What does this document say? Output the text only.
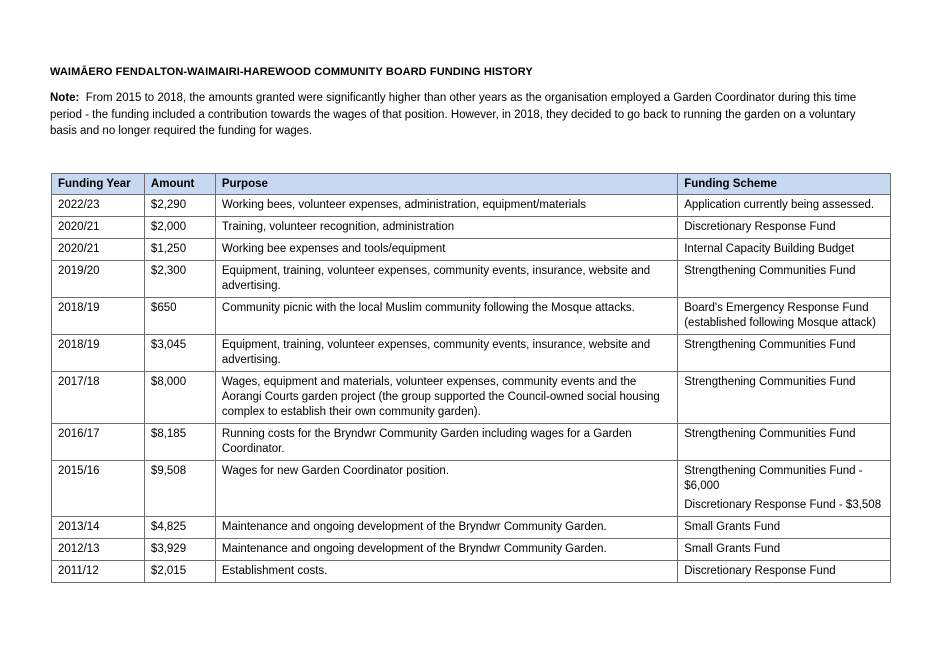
WAIMĀERO FENDALTON-WAIMAIRI-HAREWOOD COMMUNITY BOARD FUNDING HISTORY
Note: From 2015 to 2018, the amounts granted were significantly higher than other years as the organisation employed a Garden Coordinator during this time period - the funding included a contribution towards the wages of that position. However, in 2018, they decided to go back to running the garden on a voluntary basis and no longer required the funding for wages.
Funding Year	Amount	Purpose	Funding Scheme
2022/23	$2,290	Working bees, volunteer expenses, administration, equipment/materials	Application currently being assessed.

2020/21	$2,000	Training, volunteer recognition, administration	Discretionary Response Fund

2020/21	$1,250	Working bee expenses and tools/equipment	Internal Capacity Building Budget

2019/20	$2,300	Equipment, training, volunteer expenses, community events, insurance, website and advertising.	Strengthening Communities Fund

2018/19	$650	Community picnic with the local Muslim community following the Mosque attacks.	Board's Emergency Response Fund (established following Mosque attack)

2018/19	$3,045	Equipment, training, volunteer expenses, community events, insurance, website and advertising.	Strengthening Communities Fund

2017/18	$8,000	Wages, equipment and materials, volunteer expenses, community events and the Aorangi Courts garden project (the group supported the Council-owned social housing complex to establish their own community garden).	Strengthening Communities Fund

2016/17	$8,185	Running costs for the Bryndwr Community Garden including wages for a Garden Coordinator.	Strengthening Communities Fund

2015/16	$9,508	Wages for new Garden Coordinator position.	Strengthening Communities Fund - $6,000
Discretionary Response Fund - $3,508

2013/14	$4,825	Maintenance and ongoing development of the Bryndwr Community Garden.	Small Grants Fund

2012/13	$3,929	Maintenance and ongoing development of the Bryndwr Community Garden.	Small Grants Fund

2011/12	$2,015	Establishment costs.	Discretionary Response Fund
